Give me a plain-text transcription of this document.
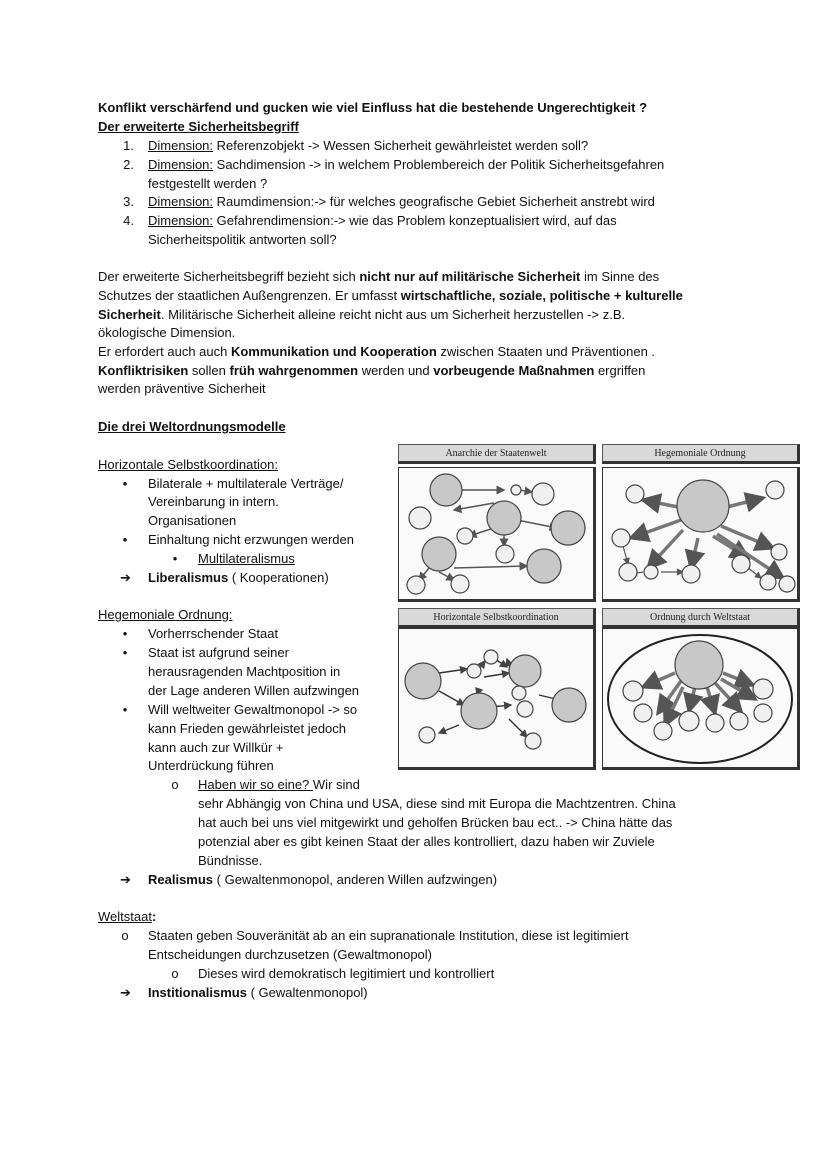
Konflikt verschärfend und gucken wie viel Einfluss hat die bestehende Ungerechtigkeit ?
Der erweiterte Sicherheitsbegriff
1. Dimension: Referenzobjekt -> Wessen Sicherheit gewährleistet werden soll?
2. Dimension: Sachdimension -> in welchem Problembereich der Politik Sicherheitsgefahren
festgestellt werden ?
3. Dimension: Raumdimension:-> für welches geografische Gebiet Sicherheit anstrebt wird
4. Dimension: Gefahrendimension:-> wie das Problem konzeptualisiert wird, auf das
Sicherheitspolitik antworten soll?
Der erweiterte Sicherheitsbegriff bezieht sich nicht nur auf militärische Sicherheit im Sinne des
Schutzes der staatlichen Außengrenzen. Er umfasst wirtschaftliche, soziale, politische + kulturelle
Sicherheit. Militärische Sicherheit alleine reicht nicht aus um Sicherheit herzustellen -> z.B.
ökologische Dimension.
Er erfordert auch auch Kommunikation und Kooperation zwischen Staaten und Präventionen .
Konfliktrisiken sollen früh wahrgenommen werden und vorbeugende Maßnahmen ergriffen
werden präventive Sicherheit
Die drei Weltordnungsmodelle
Horizontale Selbstkoordination:
• Bilaterale + multilaterale Verträge/
Vereinbarung in intern.
Organisationen
• Einhaltung nicht erzwungen werden
• Multilateralismus
➔ Liberalismus ( Kooperationen)
Hegemoniale Ordnung:
• Vorherrschender Staat
• Staat ist aufgrund seiner
herausragenden Machtposition in
der Lage anderen Willen aufzwingen
• Will weltweiter Gewaltmonopol -> so
kann Frieden gewährleistet jedoch
kann auch zur Willkür +
Unterdrückung führen
o Haben wir so eine? Wir sind
sehr Abhängig von China und USA, diese sind mit Europa die Machtzentren. China
hat auch bei uns viel mitgewirkt und geholfen Brücken bau ect.. -> China hätte das
potenzial aber es gibt keinen Staat der alles kontrolliert, dazu haben wir Zuviele
Bündnisse.
➔ Realismus ( Gewaltenmonopol, anderen Willen aufzwingen)
Weltstaat:
o Staaten geben Souveränität ab an ein supranationale Institution, diese ist legitimiert
Entscheidungen durchzusetzen (Gewaltmonopol)
o Dieses wird demokratisch legitimiert und kontrolliert
➔ Institionalismus ( Gewaltenmonopol)
Anarchie der Staatenwelt	Hegemoniale Ordnung
Horizontale Selbstkoordination	Ordnung durch Weltstaat
